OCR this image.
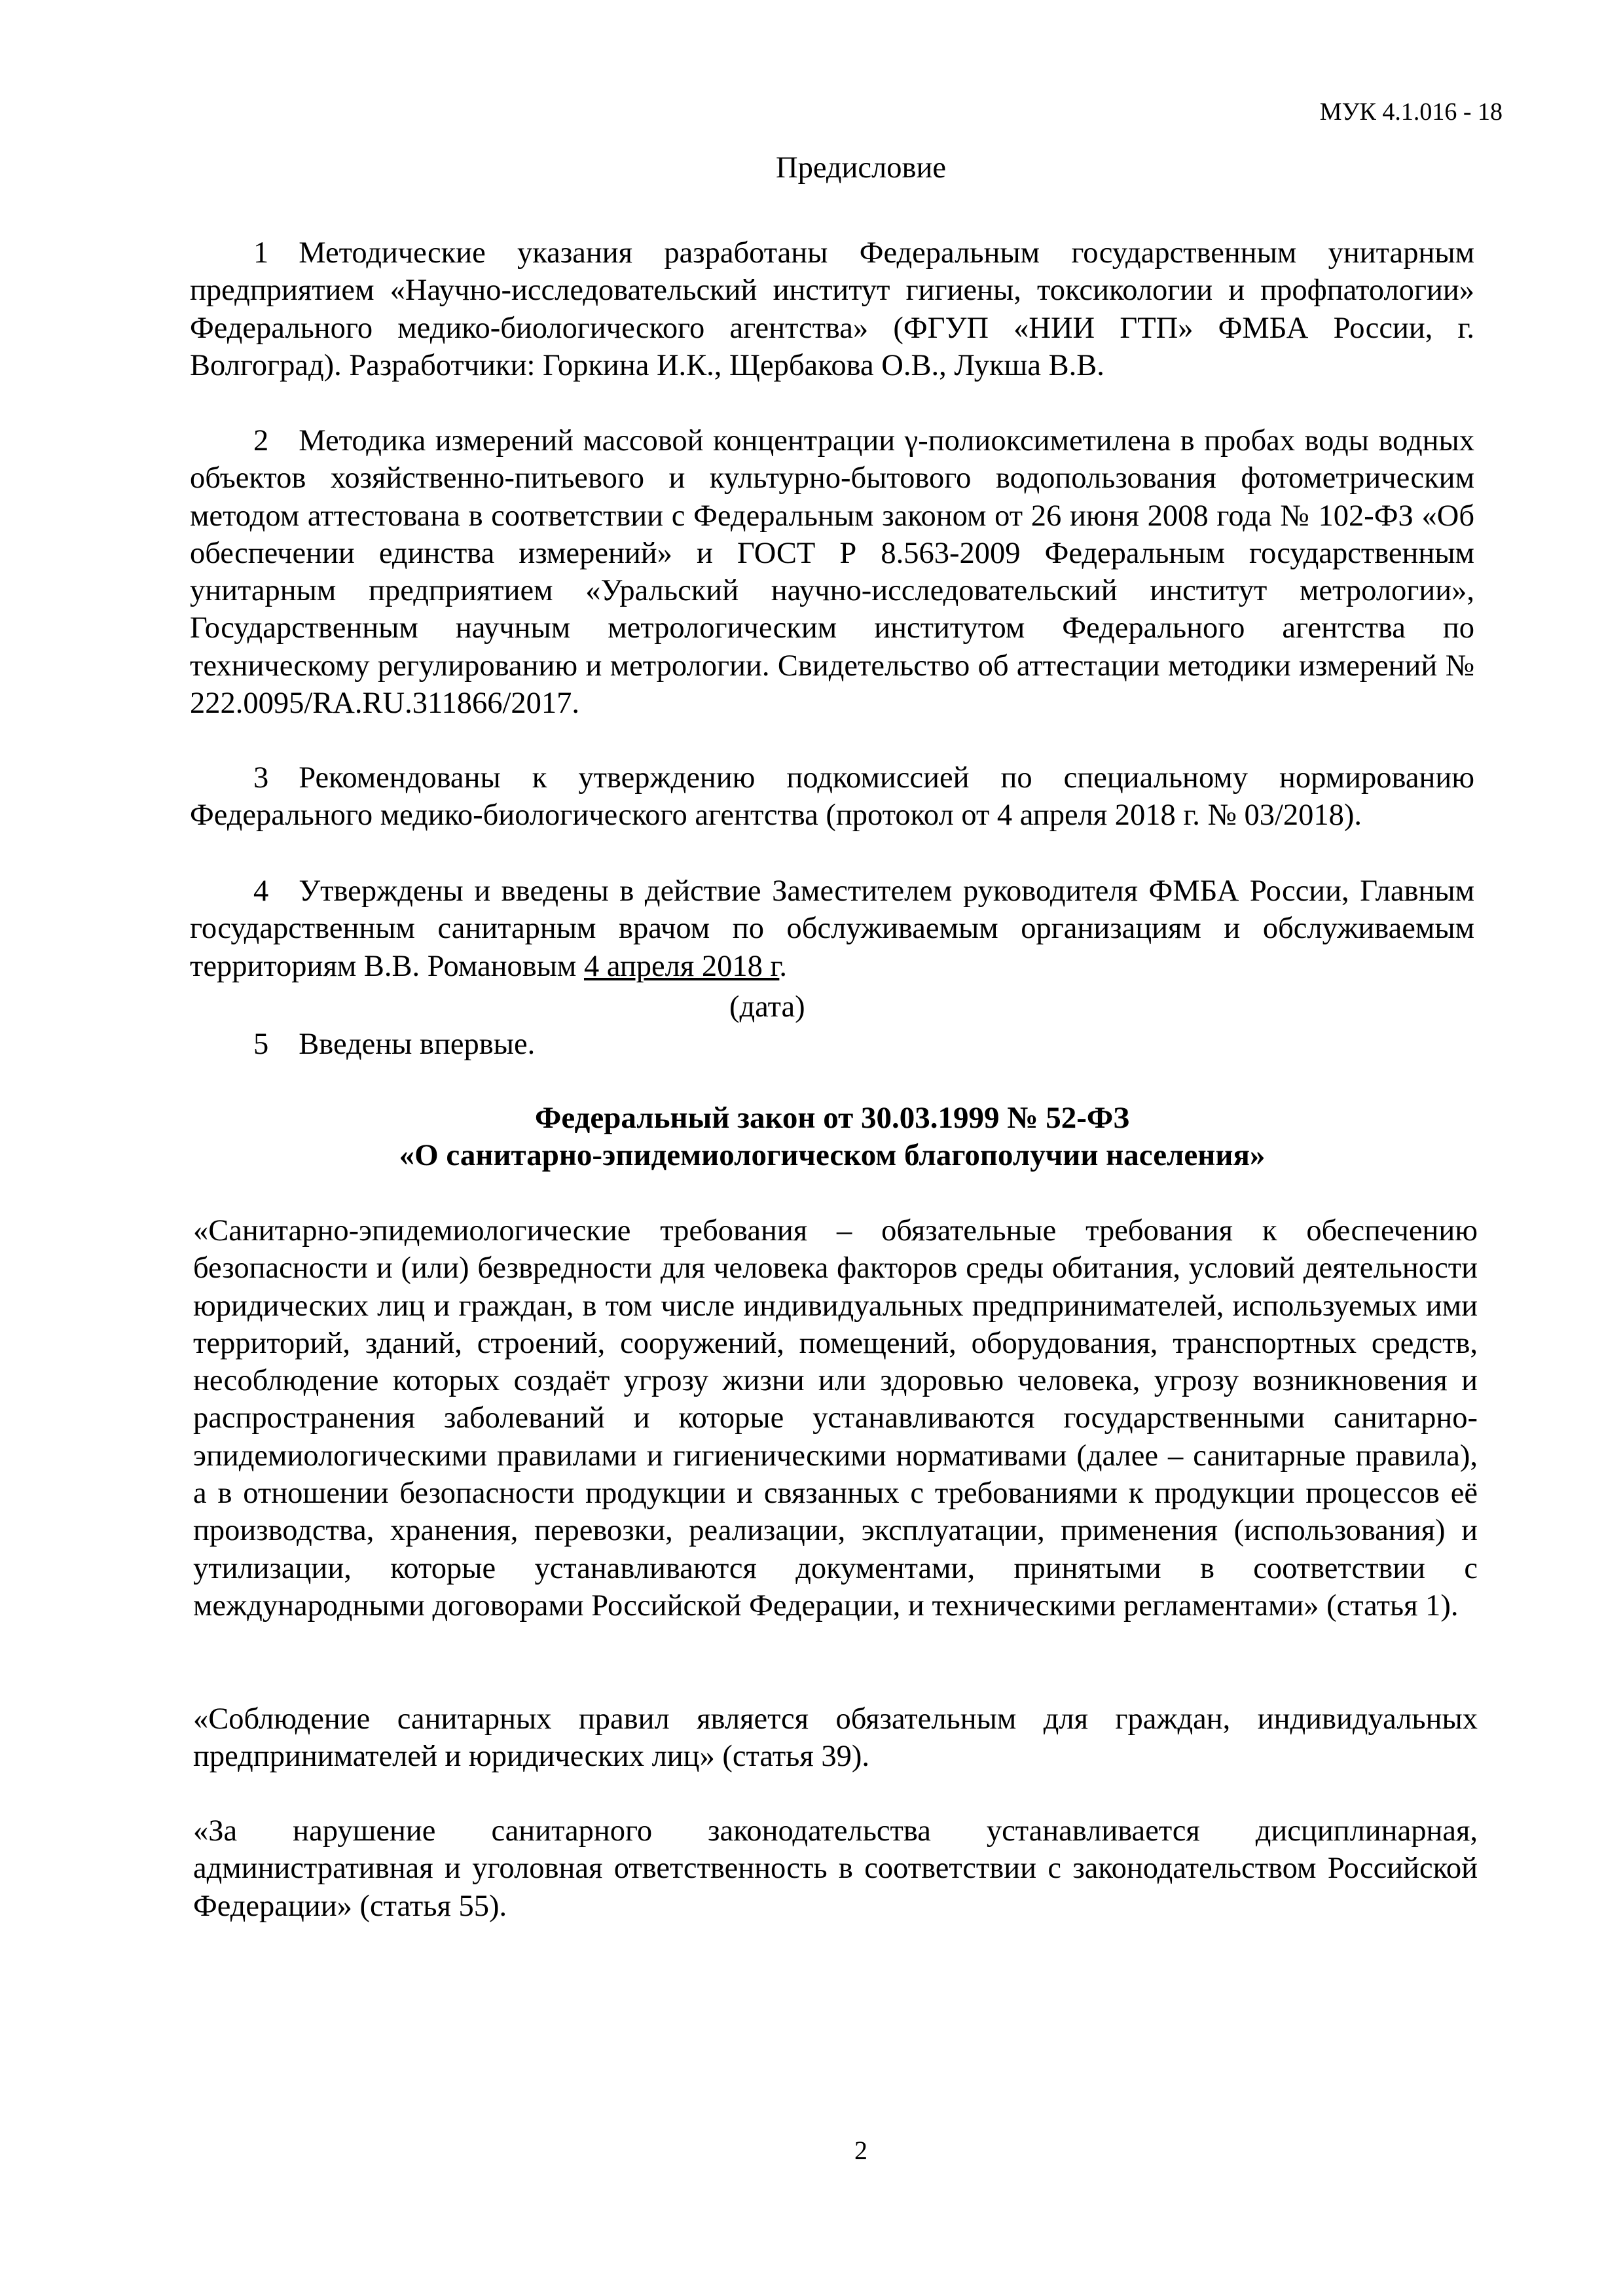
МУК 4.1.016 - 18

Предисловие

1 Методические указания разработаны Федеральным государственным унитарным предприятием «Научно-исследовательский институт гигиены, токсикологии и профпатологии» Федерального медико-биологического агентства» (ФГУП «НИИ ГТП» ФМБА России, г. Волгоград). Разработчики: Горкина И.К., Щербакова О.В., Лукша В.В.

2 Методика измерений массовой концентрации γ-полиоксиметилена в пробах воды водных объектов хозяйственно-питьевого и культурно-бытового водопользования фотометрическим методом аттестована в соответствии с Федеральным законом от 26 июня 2008 года № 102-ФЗ «Об обеспечении единства измерений» и ГОСТ Р 8.563-2009 Федеральным государственным унитарным предприятием «Уральский научно-исследовательский институт метрологии», Государственным научным метрологическим институтом Федерального агентства по техническому регулированию и метрологии. Свидетельство об аттестации методики измерений № 222.0095/RA.RU.311866/2017.

3 Рекомендованы к утверждению подкомиссией по специальному нормированию Федерального медико-биологического агентства (протокол от 4 апреля 2018 г. № 03/2018).

4 Утверждены и введены в действие Заместителем руководителя ФМБА России, Главным государственным санитарным врачом по обслуживаемым организациям и обслуживаемым территориям В.В. Романовым 4 апреля 2018 г.

(дата)

5 Введены впервые.

Федеральный закон от 30.03.1999 № 52-ФЗ
«О санитарно-эпидемиологическом благополучии населения»

«Санитарно-эпидемиологические требования – обязательные требования к обеспечению безопасности и (или) безвредности для человека факторов среды обитания, условий деятельности юридических лиц и граждан, в том числе индивидуальных предпринимателей, используемых ими территорий, зданий, строений, сооружений, помещений, оборудования, транспортных средств, несоблюдение которых создаёт угрозу жизни или здоровью человека, угрозу возникновения и распространения заболеваний и которые устанавливаются государственными санитарно-эпидемиологическими правилами и гигиеническими нормативами (далее – санитарные правила), а в отношении безопасности продукции и связанных с требованиями к продукции процессов её производства, хранения, перевозки, реализации, эксплуатации, применения (использования) и утилизации, которые устанавливаются документами, принятыми в соответствии с международными договорами Российской Федерации, и техническими регламентами» (статья 1).

«Соблюдение санитарных правил является обязательным для граждан, индивидуальных предпринимателей и юридических лиц» (статья 39).

«За нарушение санитарного законодательства устанавливается дисциплинарная, административная и уголовная ответственность в соответствии с законодательством Российской Федерации» (статья 55).

2
